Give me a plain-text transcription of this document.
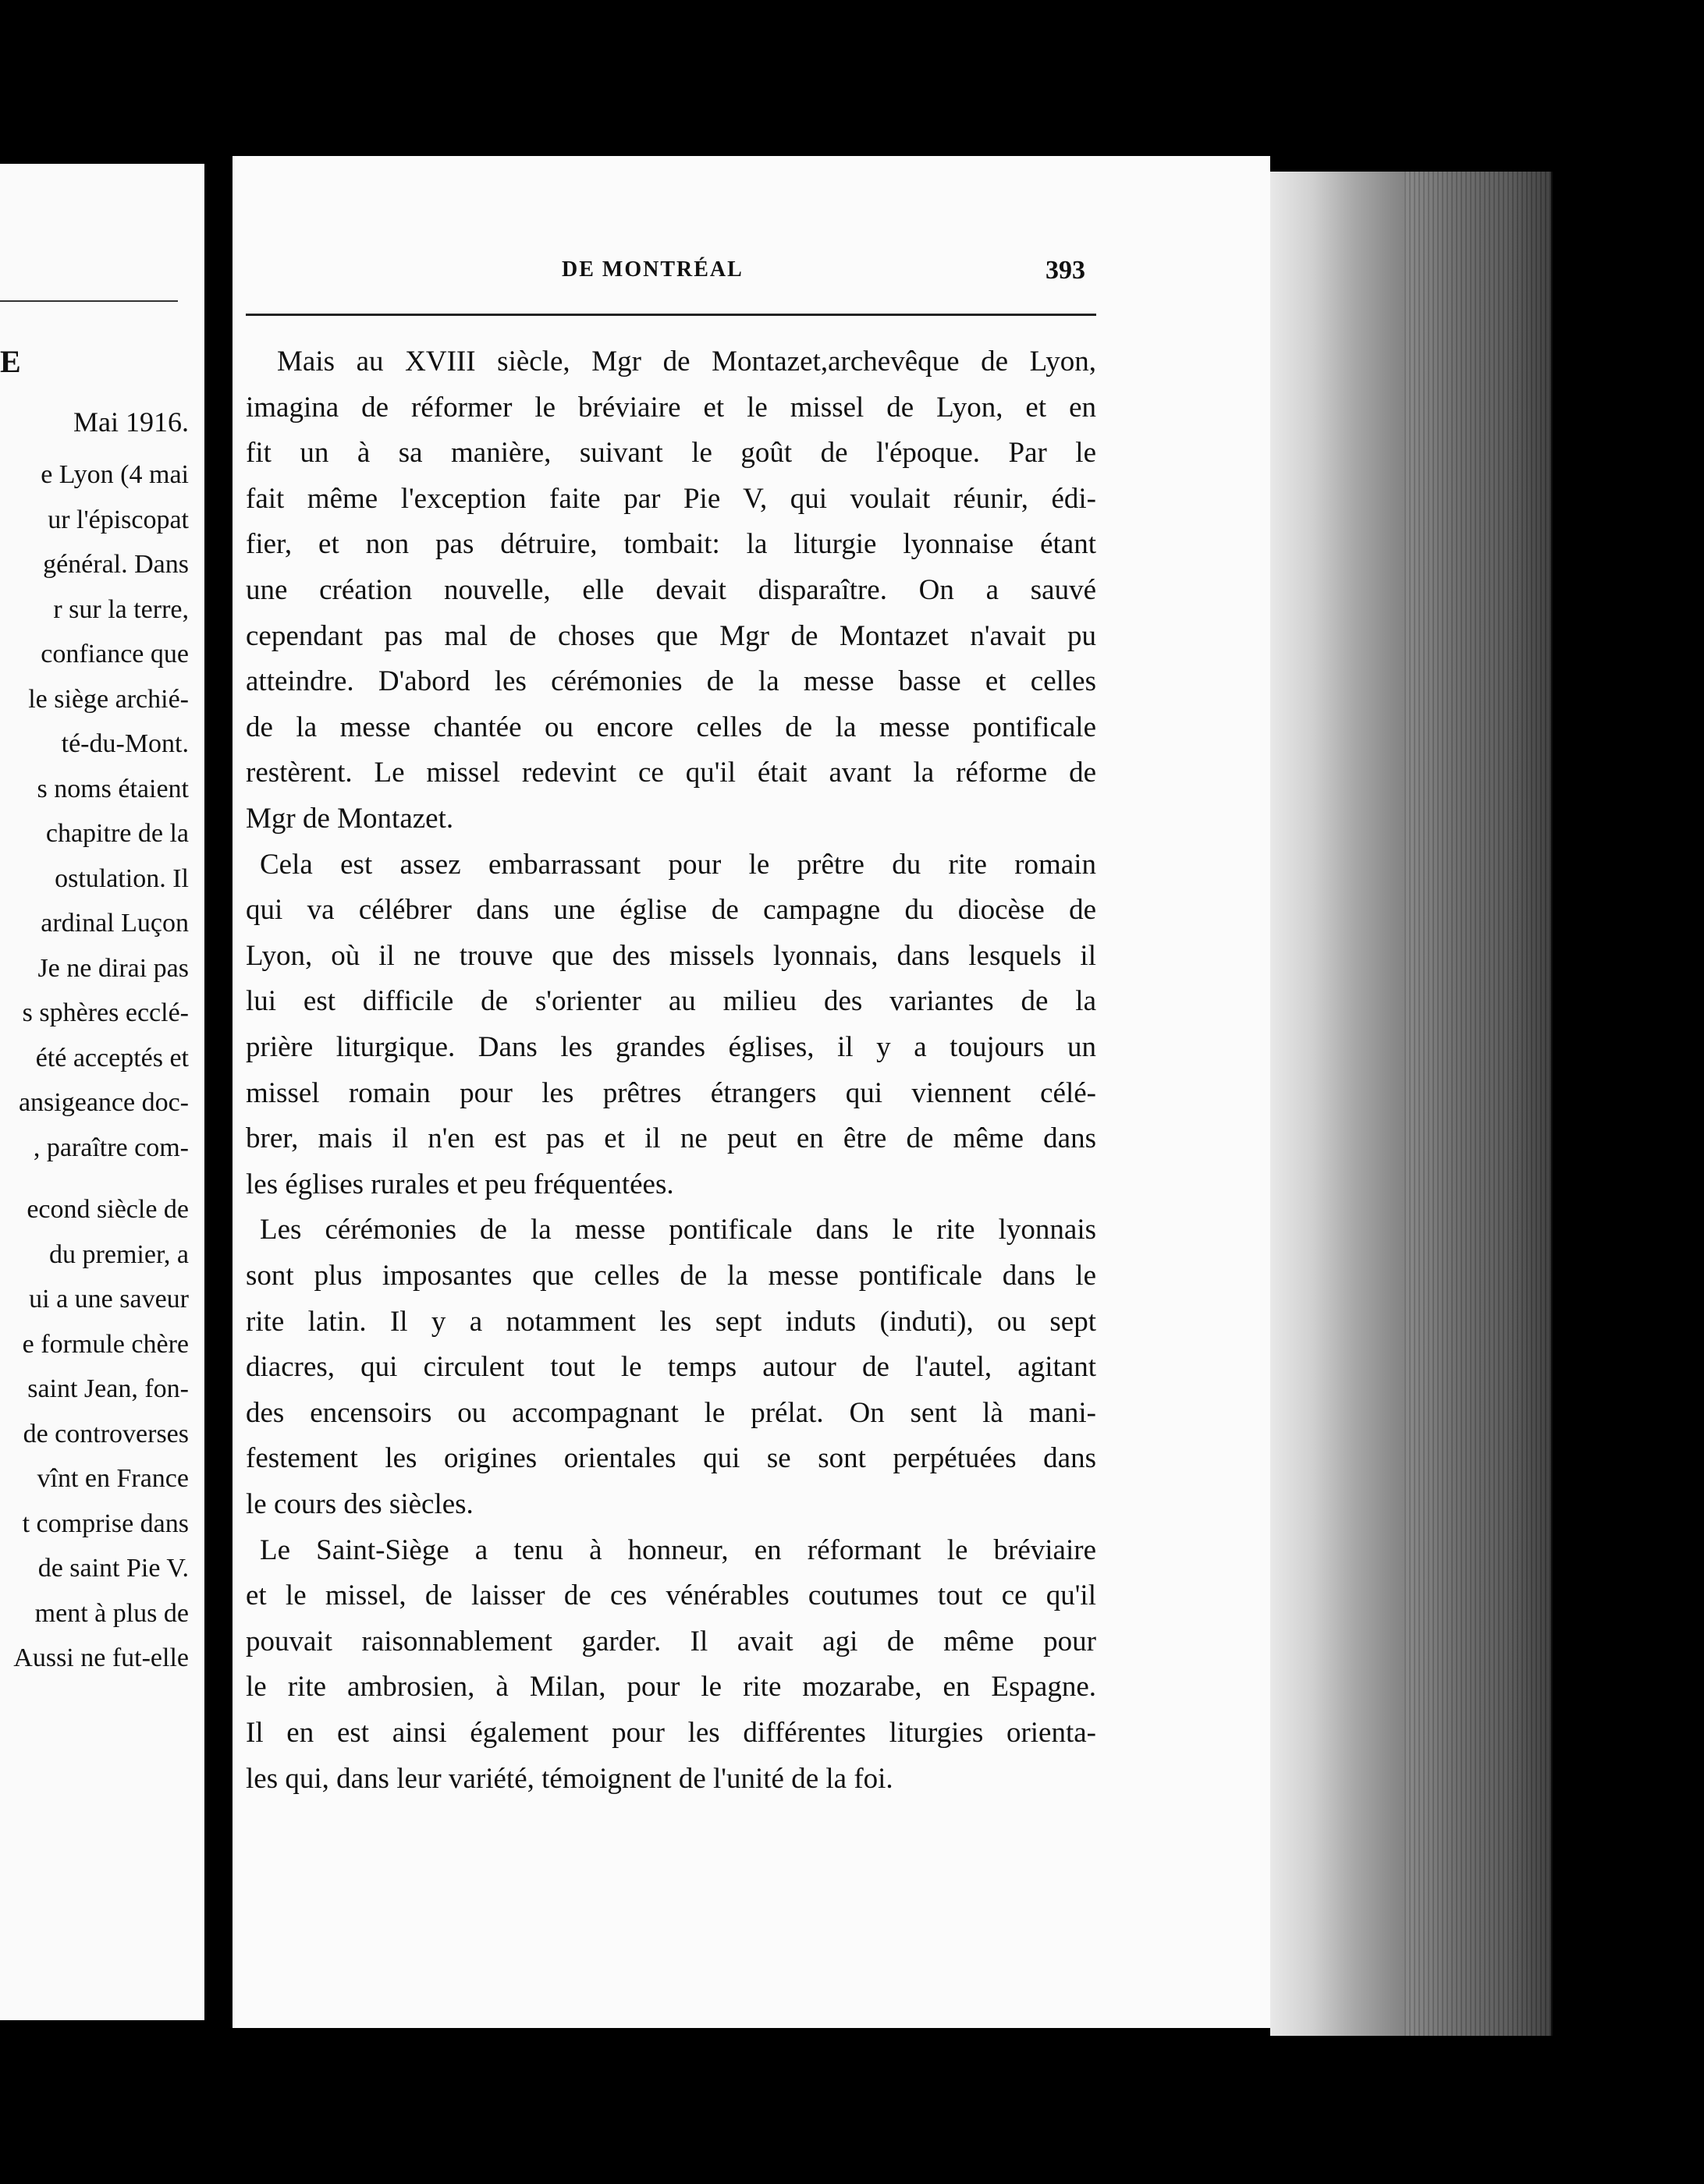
E
Mai 1916.
e Lyon (4 mai
ur l'épiscopat
général. Dans
r sur la terre,
confiance que
le siège archié-
té-du-Mont.
s noms étaient
chapitre de la
ostulation. Il
ardinal Luçon
Je ne dirai pas
s sphères ecclé-
été acceptés et
ansigeance doc-
, paraître com-
econd siècle de
du premier, a
ui a une saveur
e formule chère
saint Jean, fon-
de controverses
vînt en France
t comprise dans
de saint Pie V.
ment à plus de
Aussi ne fut-elle
DE MONTRÉAL	393
Mais au XVIII siècle, Mgr de Montazet,archevêque de Lyon,
imagina de réformer le bréviaire et le missel de Lyon, et en
fit un à sa manière, suivant le goût de l'époque. Par le
fait même l'exception faite par Pie V, qui voulait réunir, édi-
fier, et non pas détruire, tombait: la liturgie lyonnaise étant
une création nouvelle, elle devait disparaître. On a sauvé
cependant pas mal de choses que Mgr de Montazet n'avait pu
atteindre. D'abord les cérémonies de la messe basse et celles
de la messe chantée ou encore celles de la messe pontificale
restèrent. Le missel redevint ce qu'il était avant la réforme de
Mgr de Montazet.
Cela est assez embarrassant pour le prêtre du rite romain
qui va célébrer dans une église de campagne du diocèse de
Lyon, où il ne trouve que des missels lyonnais, dans lesquels il
lui est difficile de s'orienter au milieu des variantes de la
prière liturgique. Dans les grandes églises, il y a toujours un
missel romain pour les prêtres étrangers qui viennent célé-
brer, mais il n'en est pas et il ne peut en être de même dans
les églises rurales et peu fréquentées.
Les cérémonies de la messe pontificale dans le rite lyonnais
sont plus imposantes que celles de la messe pontificale dans le
rite latin. Il y a notamment les sept induts (induti), ou sept
diacres, qui circulent tout le temps autour de l'autel, agitant
des encensoirs ou accompagnant le prélat. On sent là mani-
festement les origines orientales qui se sont perpétuées dans
le cours des siècles.
Le Saint-Siège a tenu à honneur, en réformant le bréviaire
et le missel, de laisser de ces vénérables coutumes tout ce qu'il
pouvait raisonnablement garder. Il avait agi de même pour
le rite ambrosien, à Milan, pour le rite mozarabe, en Espagne.
Il en est ainsi également pour les différentes liturgies orienta-
les qui, dans leur variété, témoignent de l'unité de la foi.
